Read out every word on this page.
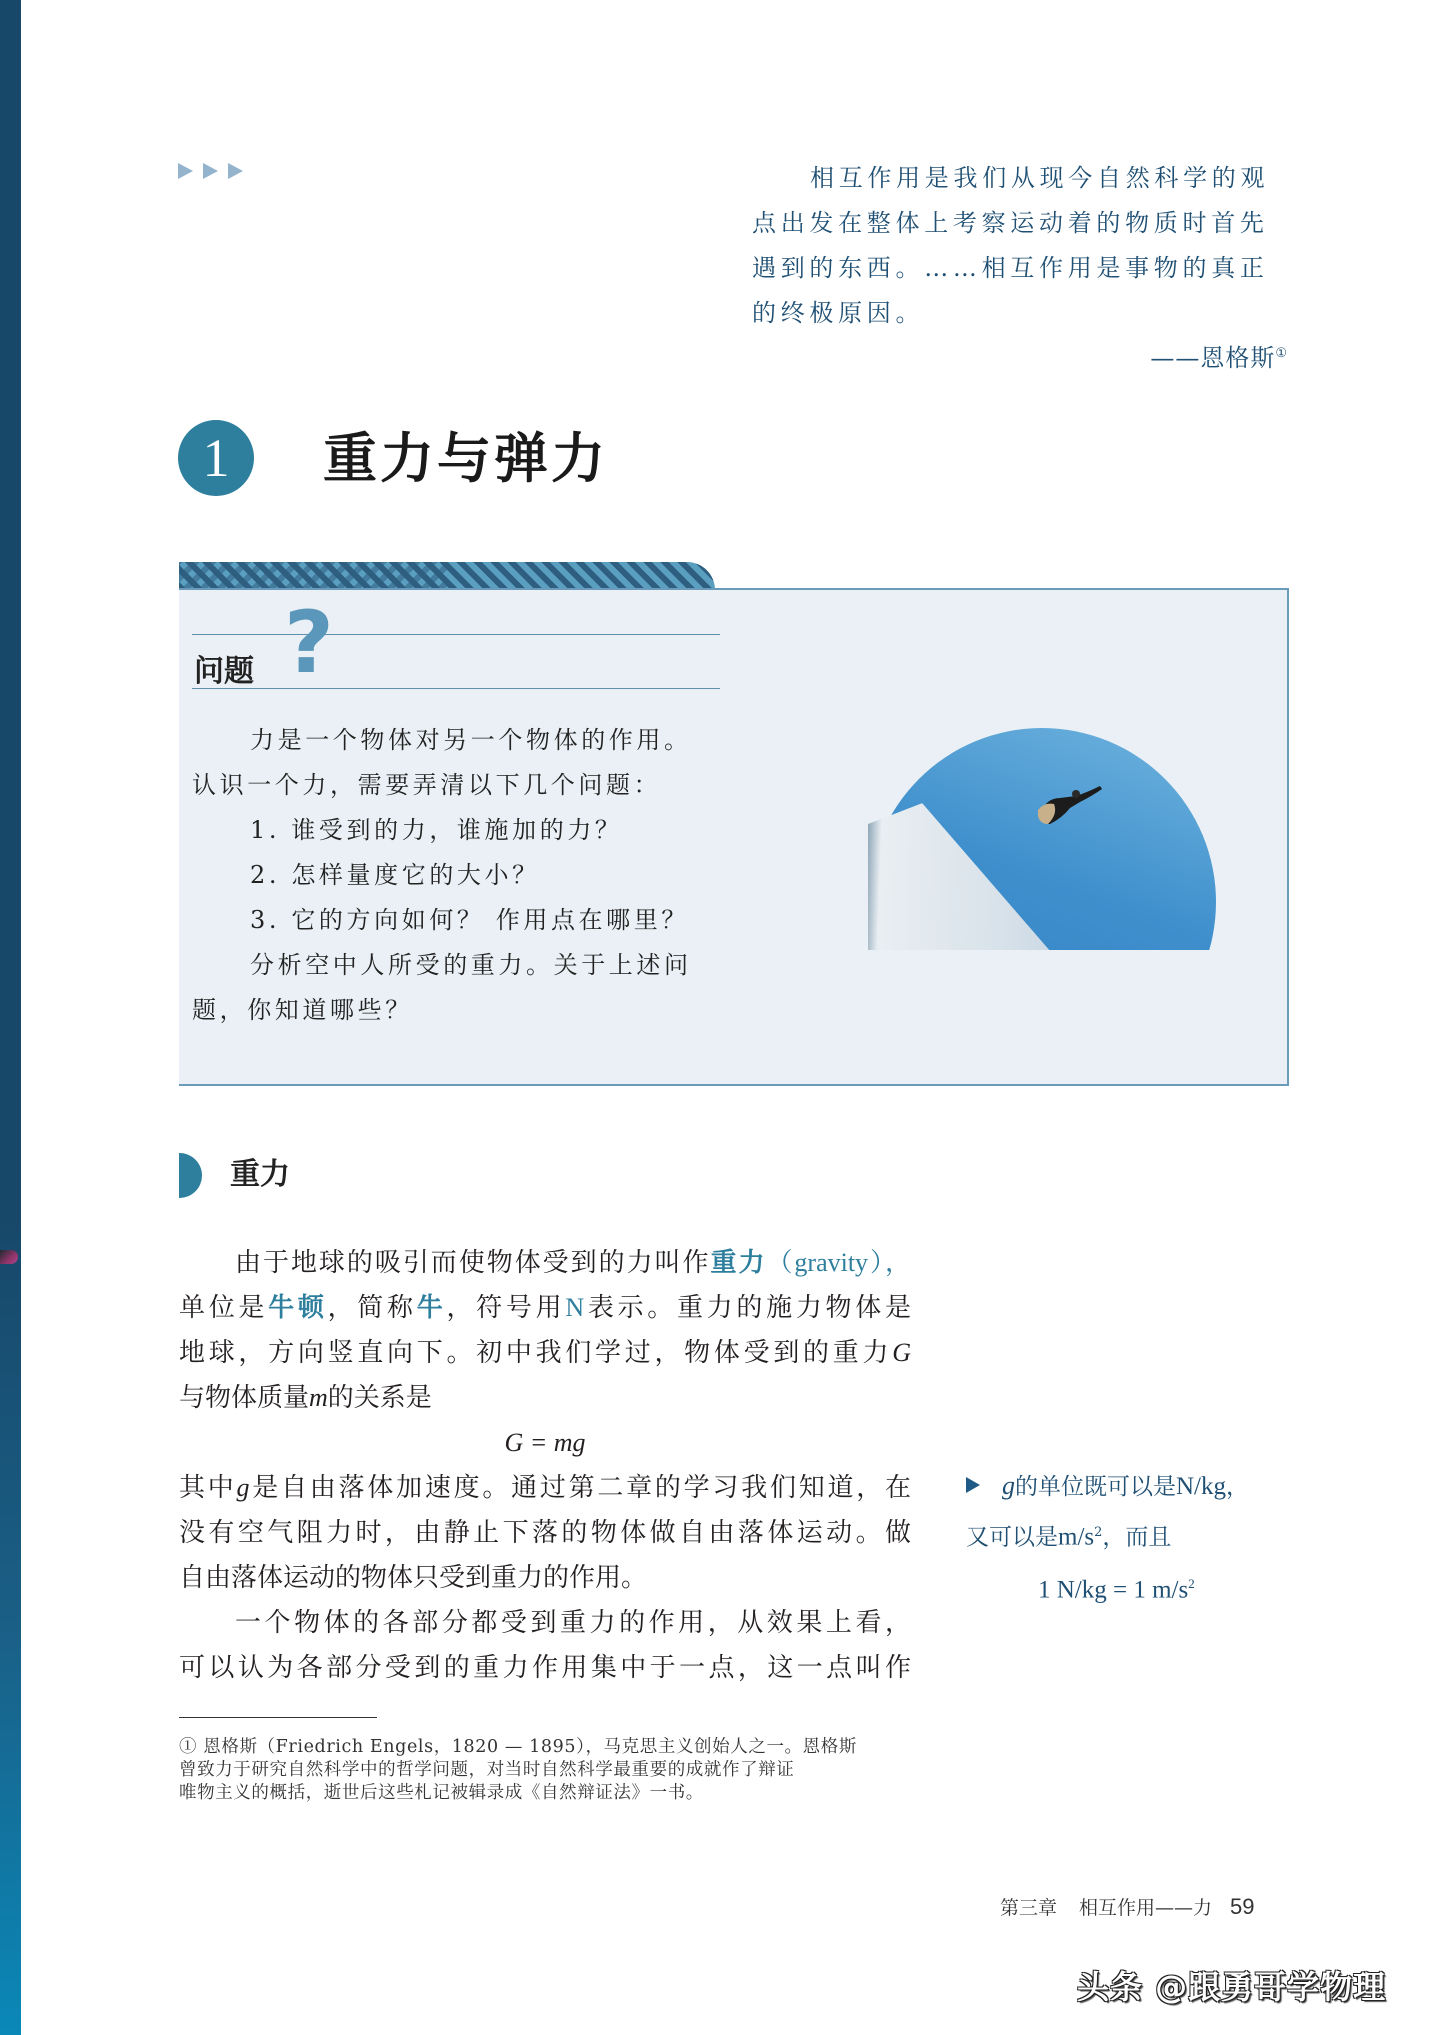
相互作用是我们从现今自然科学的观
点出发在整体上考察运动着的物质时首先
遇到的东西。……相互作用是事物的真正
的终极原因。
——恩格斯①
1	重力与弹力
?
问题
力是一个物体对另一个物体的作用。
认识一个力，需要弄清以下几个问题：
1. 谁受到的力，谁施加的力？
2. 怎样量度它的大小？
3. 它的方向如何？ 作用点在哪里？
分析空中人所受的重力。关于上述问
题，你知道哪些？
重力
由于地球的吸引而使物体受到的力叫作重力（gravity），
单位是牛顿，简称牛，符号用N表示。重力的施力物体是
地球，方向竖直向下。初中我们学过，物体受到的重力G
与物体质量m的关系是
G = mg
其中g是自由落体加速度。通过第二章的学习我们知道，在
没有空气阻力时，由静止下落的物体做自由落体运动。做
自由落体运动的物体只受到重力的作用。
一个物体的各部分都受到重力的作用，从效果上看，
可以认为各部分受到的重力作用集中于一点，这一点叫作
g的单位既可以是N/kg，
又可以是$m/s^2$，而且
1 N/kg = 1 $m/s^2$
① 恩格斯（Friedrich Engels，1820 — 1895），马克思主义创始人之一。恩格斯
曾致力于研究自然科学中的哲学问题，对当时自然科学最重要的成就作了辩证
唯物主义的概括，逝世后这些札记被辑录成《自然辩证法》一书。
第三章 相互作用——力 59
头条 @跟勇哥学物理
